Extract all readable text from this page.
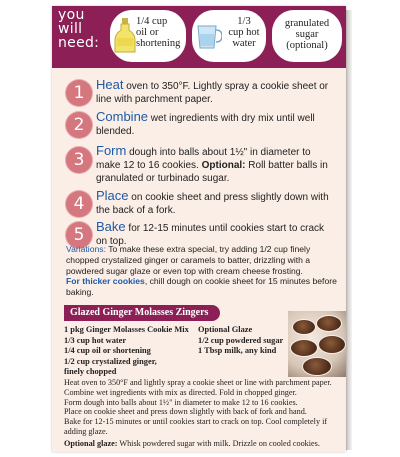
you
will
need:
1/4 cup
oil or
shortening
1/3
cup hot
water
granulated
sugar
(optional)
1 Heat oven to 350°F. Lightly spray a cookie sheet or line with parchment paper.
2 Combine wet ingredients with dry mix until well blended.
3 Form dough into balls about 1½" in diameter to make 12 to 16 cookies. Optional: Roll batter balls in granulated or turbinado sugar.
4 Place on cookie sheet and press slightly down with the back of a fork.
5 Bake for 12-15 minutes until cookies start to crack on top.
Variations: To make these extra special, try adding 1/2 cup finely chopped crystalized ginger or caramels to batter, drizzling with a powdered sugar glaze or even top with cream cheese frosting.
For thicker cookies, chill dough on cookie sheet for 15 minutes before baking.
Glazed Ginger Molasses Zingers
1 pkg Ginger Molasses Cookie Mix
1/3 cup hot water
1/4 cup oil or shortening
1/2 cup crystalized ginger,
finely chopped
Optional Glaze
1/2 cup powdered sugar
1 Tbsp milk, any kind
Heat oven to 350°F and lightly spray a cookie sheet or line with parchment paper.
Combine wet ingredients with mix as directed. Fold in chopped ginger.
Form dough into balls about 1½" in diameter to make 12 to 16 cookies.
Place on cookie sheet and press down slightly with back of fork and hand.
Bake for 12-15 minutes or until cookies start to crack on top. Cool completely if adding glaze.
Optional glaze: Whisk powdered sugar with milk. Drizzle on cooled cookies.
